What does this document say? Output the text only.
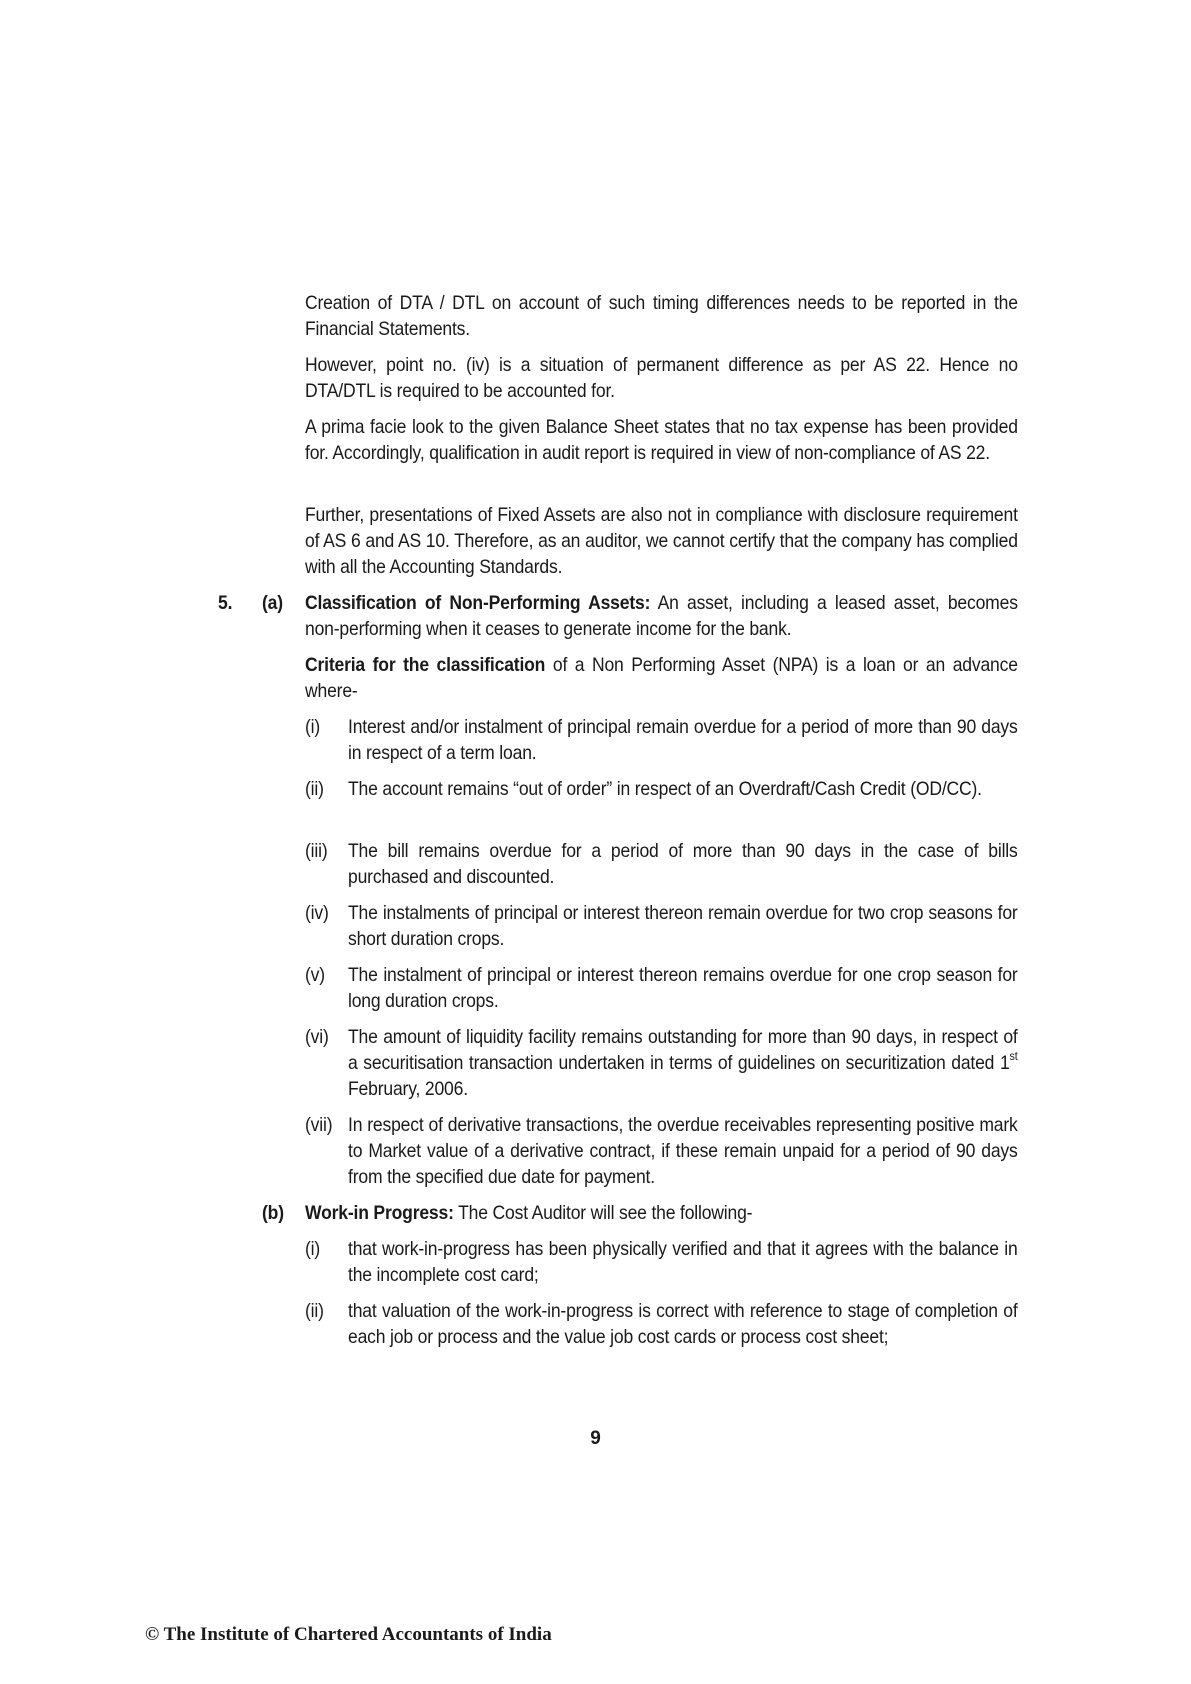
Creation of DTA / DTL on account of such timing differences needs to be reported in the Financial Statements.
However, point no. (iv) is a situation of permanent difference as per AS 22. Hence no DTA/DTL is required to be accounted for.
A prima facie look to the given Balance Sheet states that no tax expense has been provided for. Accordingly, qualification in audit report is required in view of non-compliance of AS 22.
Further, presentations of Fixed Assets are also not in compliance with disclosure requirement of AS 6 and AS 10. Therefore, as an auditor, we cannot certify that the company has complied with all the Accounting Standards.
5. (a) Classification of Non-Performing Assets: An asset, including a leased asset, becomes non-performing when it ceases to generate income for the bank.
Criteria for the classification of a Non Performing Asset (NPA) is a loan or an advance where-
(i) Interest and/or instalment of principal remain overdue for a period of more than 90 days in respect of a term loan.
(ii) The account remains “out of order” in respect of an Overdraft/Cash Credit (OD/CC).
(iii) The bill remains overdue for a period of more than 90 days in the case of bills purchased and discounted.
(iv) The instalments of principal or interest thereon remain overdue for two crop seasons for short duration crops.
(v) The instalment of principal or interest thereon remains overdue for one crop season for long duration crops.
(vi) The amount of liquidity facility remains outstanding for more than 90 days, in respect of a securitisation transaction undertaken in terms of guidelines on securitization dated 1st February, 2006.
(vii) In respect of derivative transactions, the overdue receivables representing positive mark to Market value of a derivative contract, if these remain unpaid for a period of 90 days from the specified due date for payment.
(b) Work-in Progress: The Cost Auditor will see the following-
(i) that work-in-progress has been physically verified and that it agrees with the balance in the incomplete cost card;
(ii) that valuation of the work-in-progress is correct with reference to stage of completion of each job or process and the value job cost cards or process cost sheet;
9
© The Institute of Chartered Accountants of India
